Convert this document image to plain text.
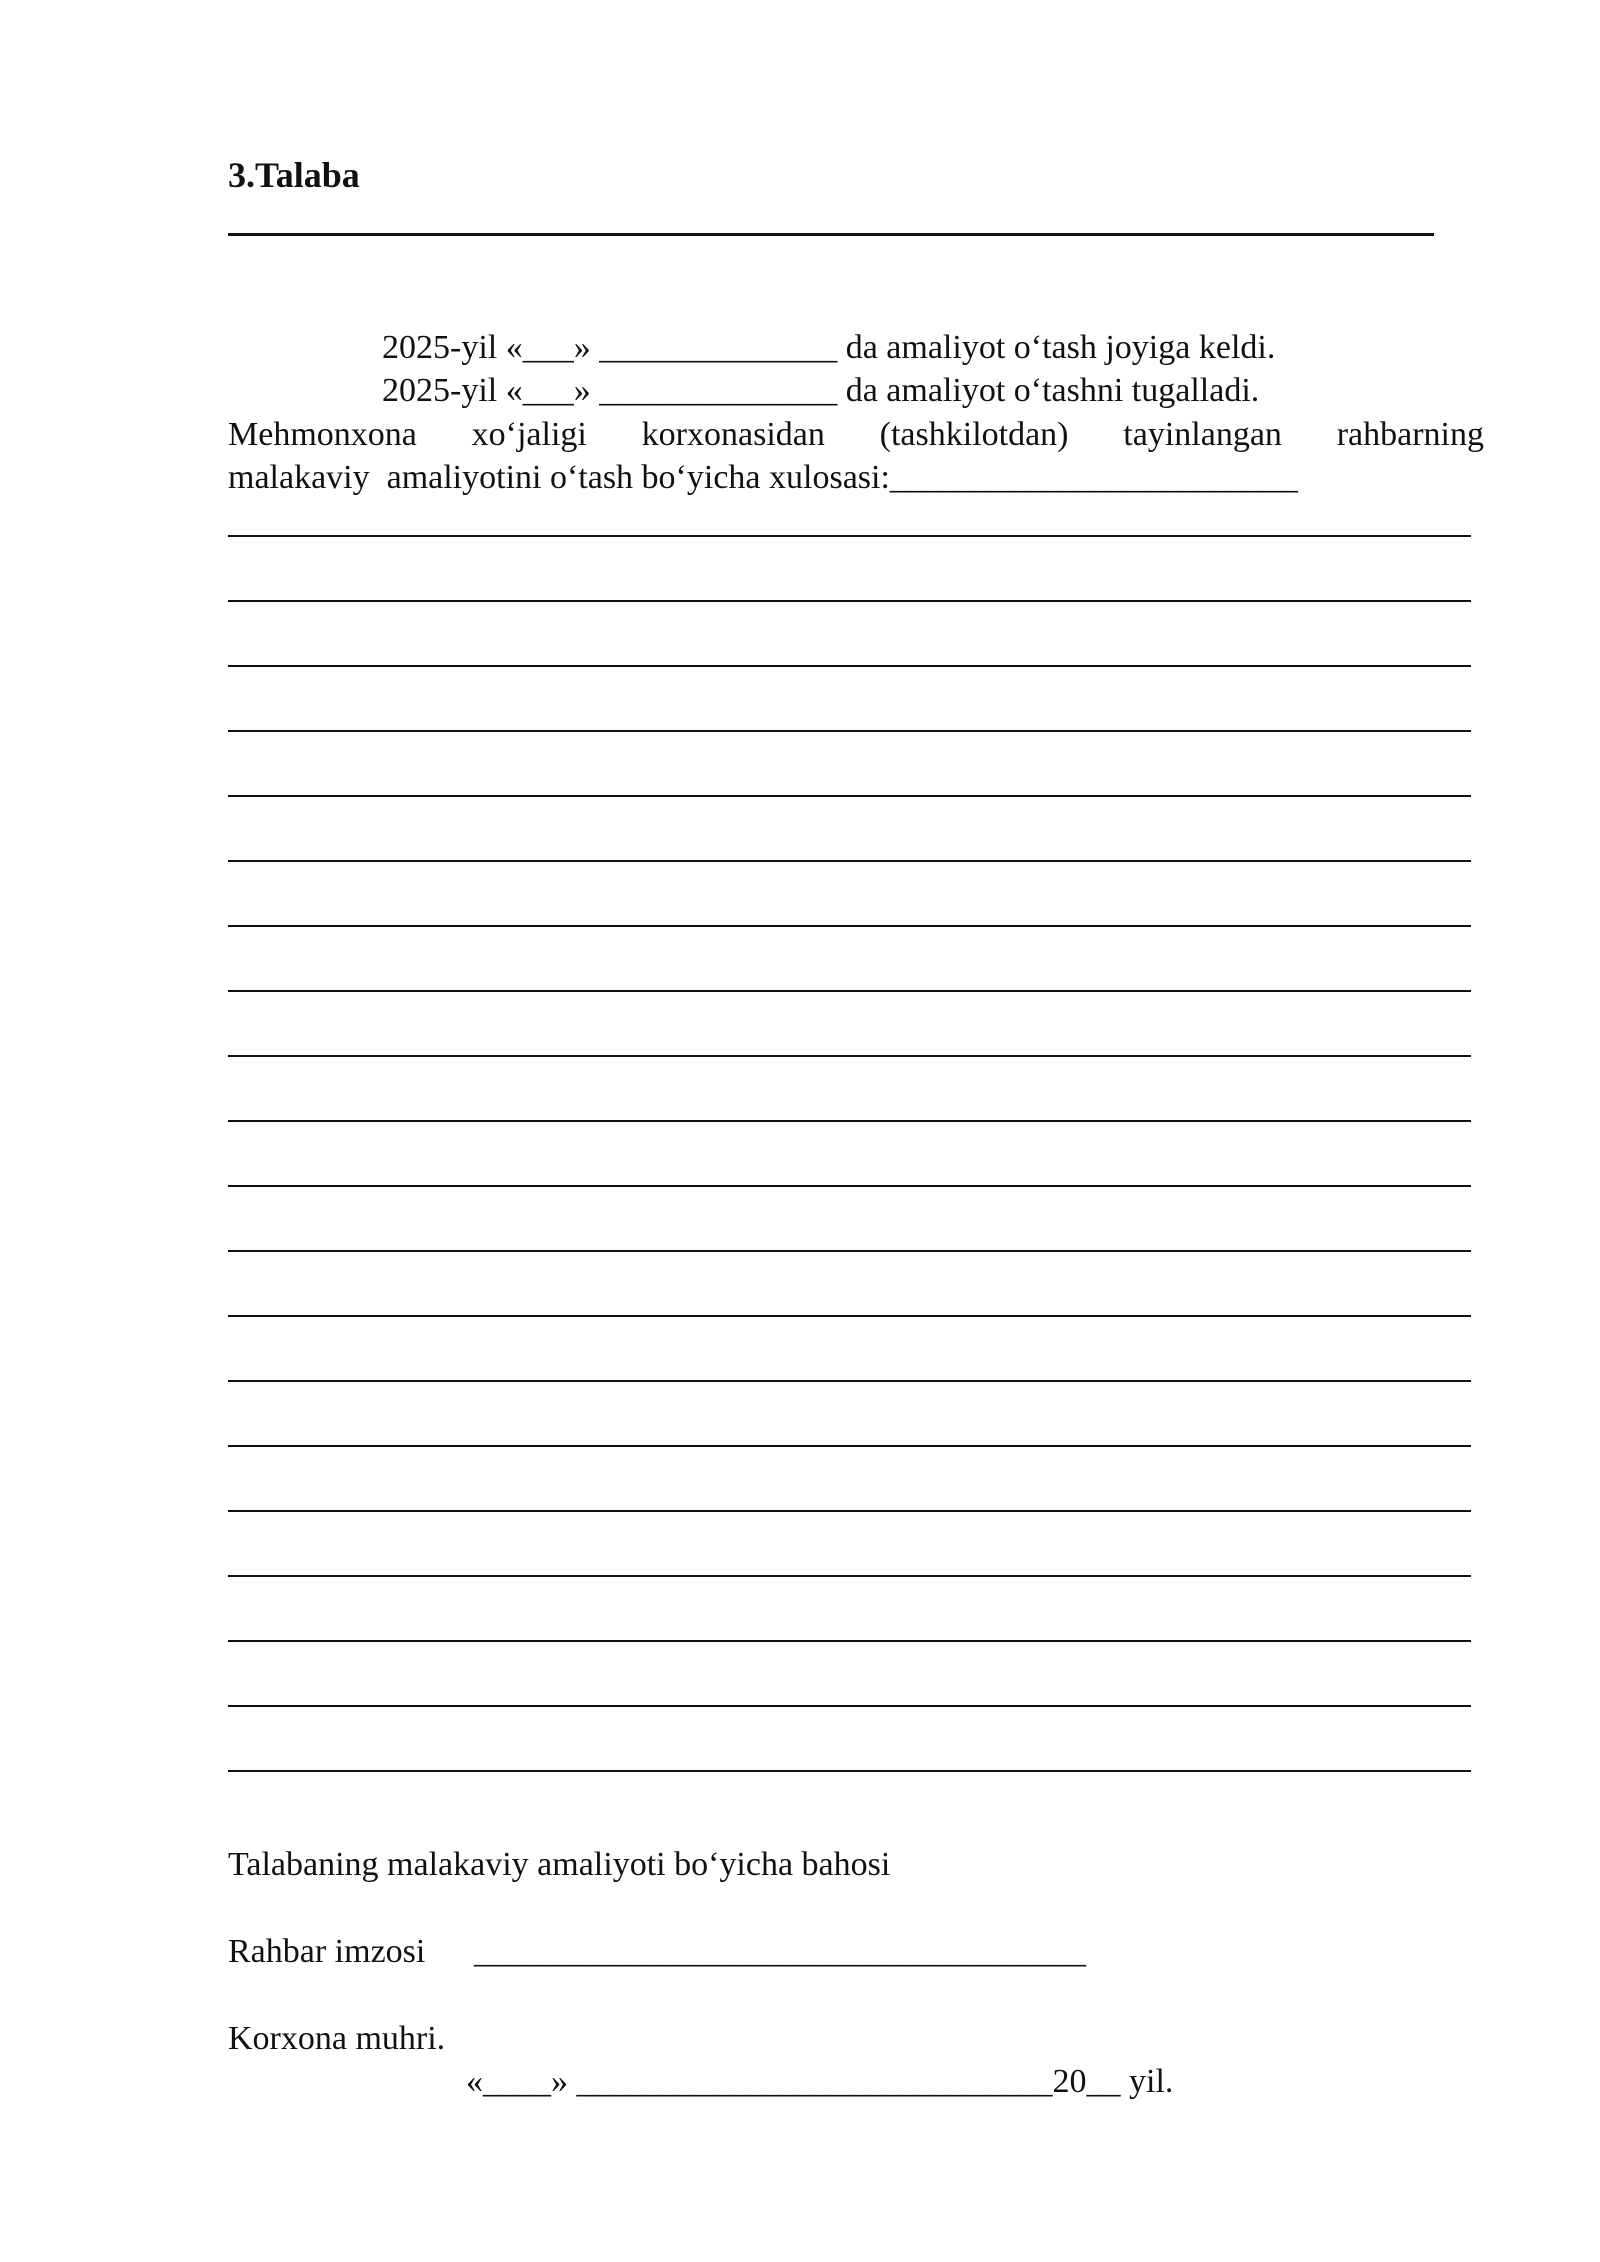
3.Talaba
2025-yil «___» ______________ da amaliyot o‘tash joyiga keldi.
2025-yil «___» ______________ da amaliyot o‘tashni tugalladi.
Mehmonxona xo‘jaligi korxonasidan (tashkilotdan) tayinlangan rahbarning
malakaviy  amaliyotini o‘tash bo‘yicha xulosasi:________________________
Talabaning malakaviy amaliyoti bo‘yicha bahosi
Rahbar imzosi ____________________________________
Korxona muhri.
«____» ____________________________20__ yil.
